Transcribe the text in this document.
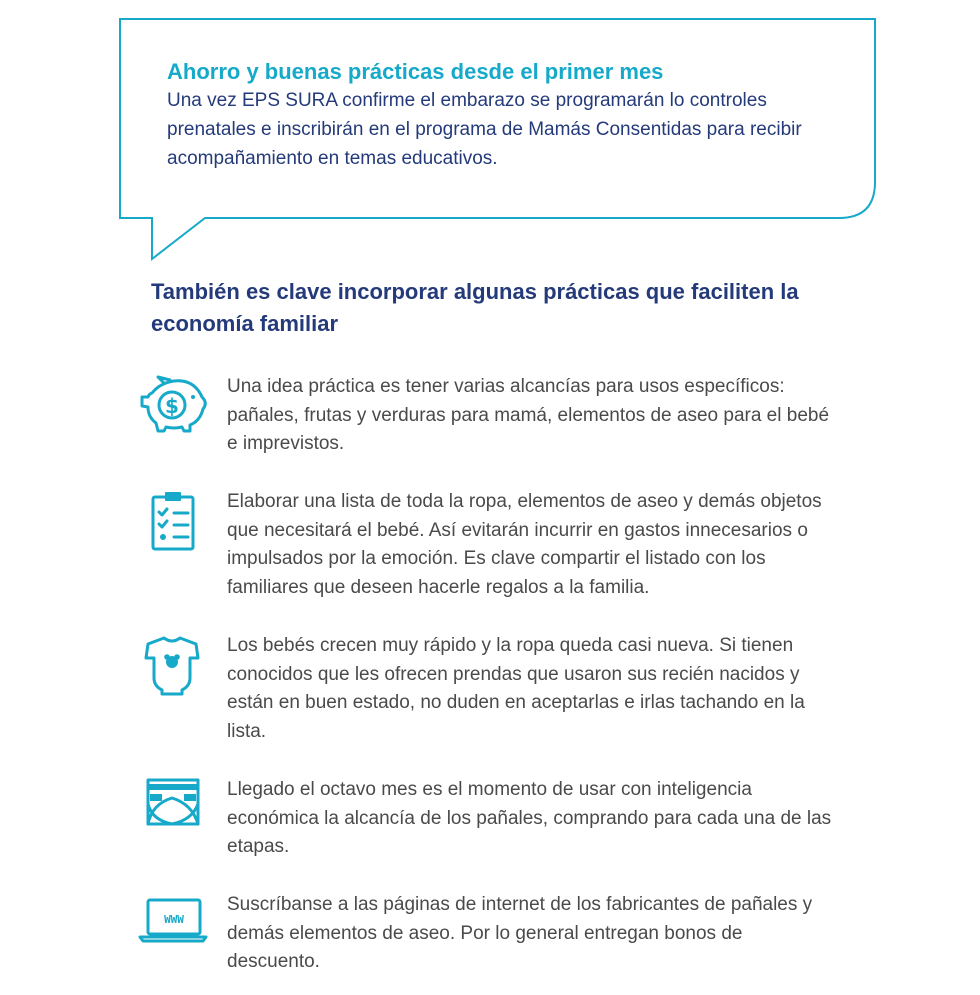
Ahorro y buenas prácticas desde el primer mes

Una vez EPS SURA confirme el embarazo se programarán lo controles prenatales e inscribirán en el programa de Mamás Consentidas para recibir acompañamiento en temas educativos.

También es clave incorporar algunas prácticas que faciliten la economía familiar
$

Una idea práctica es tener varias alcancías para usos específicos: pañales, frutas y verduras para mamá, elementos de aseo para el bebé e imprevistos.

Elaborar una lista de toda la ropa, elementos de aseo y demás objetos que necesitará el bebé. Así evitarán incurrir en gastos innecesarios o impulsados por la emoción. Es clave compartir el listado con los familiares que deseen hacerle regalos a la familia.

Los bebés crecen muy rápido y la ropa queda casi nueva. Si tienen conocidos que les ofrecen prendas que usaron sus recién nacidos y están en buen estado, no duden en aceptarlas e irlas tachando en la lista.

Llegado el octavo mes es el momento de usar con inteligencia económica la alcancía de los pañales, comprando para cada una de las etapas.

WWW

Suscríbanse a las páginas de internet de los fabricantes de pañales y demás elementos de aseo. Por lo general entregan bonos de descuento.
